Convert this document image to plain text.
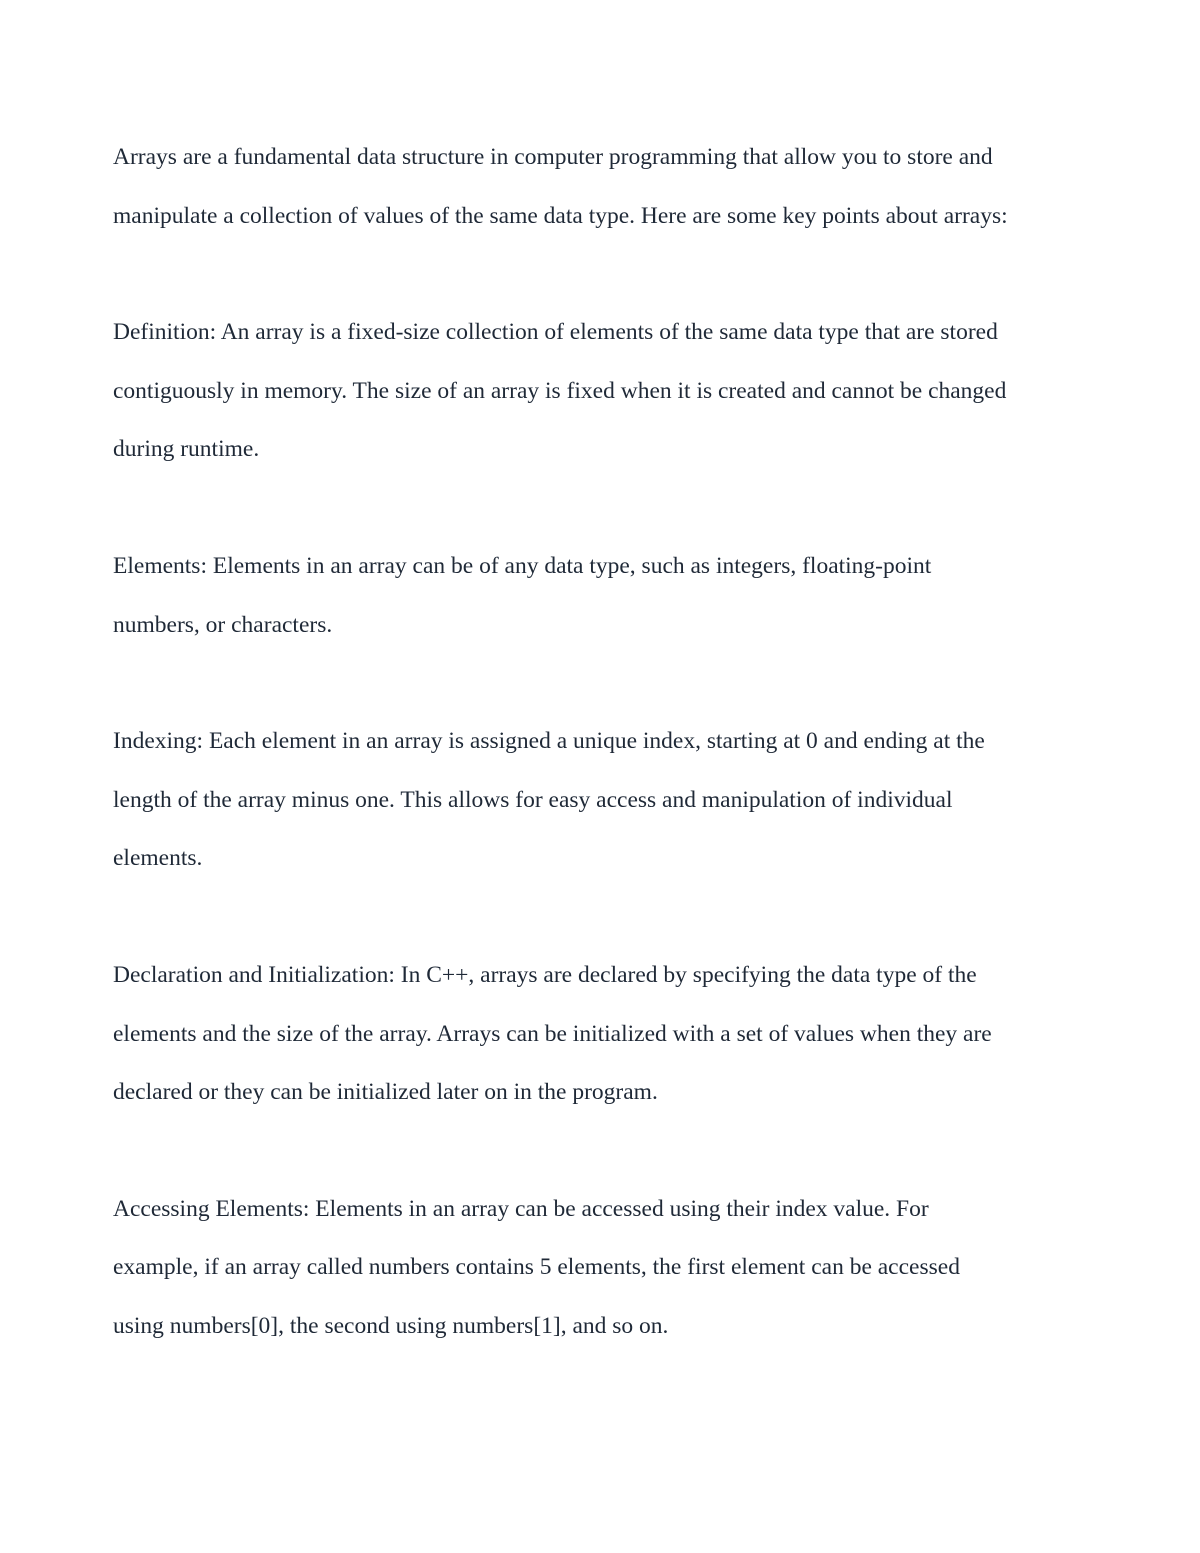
Arrays are a fundamental data structure in computer programming that allow you to store and
manipulate a collection of values of the same data type. Here are some key points about arrays:

Definition: An array is a fixed-size collection of elements of the same data type that are stored
contiguously in memory. The size of an array is fixed when it is created and cannot be changed
during runtime.

Elements: Elements in an array can be of any data type, such as integers, floating-point
numbers, or characters.

Indexing: Each element in an array is assigned a unique index, starting at 0 and ending at the
length of the array minus one. This allows for easy access and manipulation of individual
elements.

Declaration and Initialization: In C++, arrays are declared by specifying the data type of the
elements and the size of the array. Arrays can be initialized with a set of values when they are
declared or they can be initialized later on in the program.

Accessing Elements: Elements in an array can be accessed using their index value. For
example, if an array called numbers contains 5 elements, the first element can be accessed
using numbers[0], the second using numbers[1], and so on.
